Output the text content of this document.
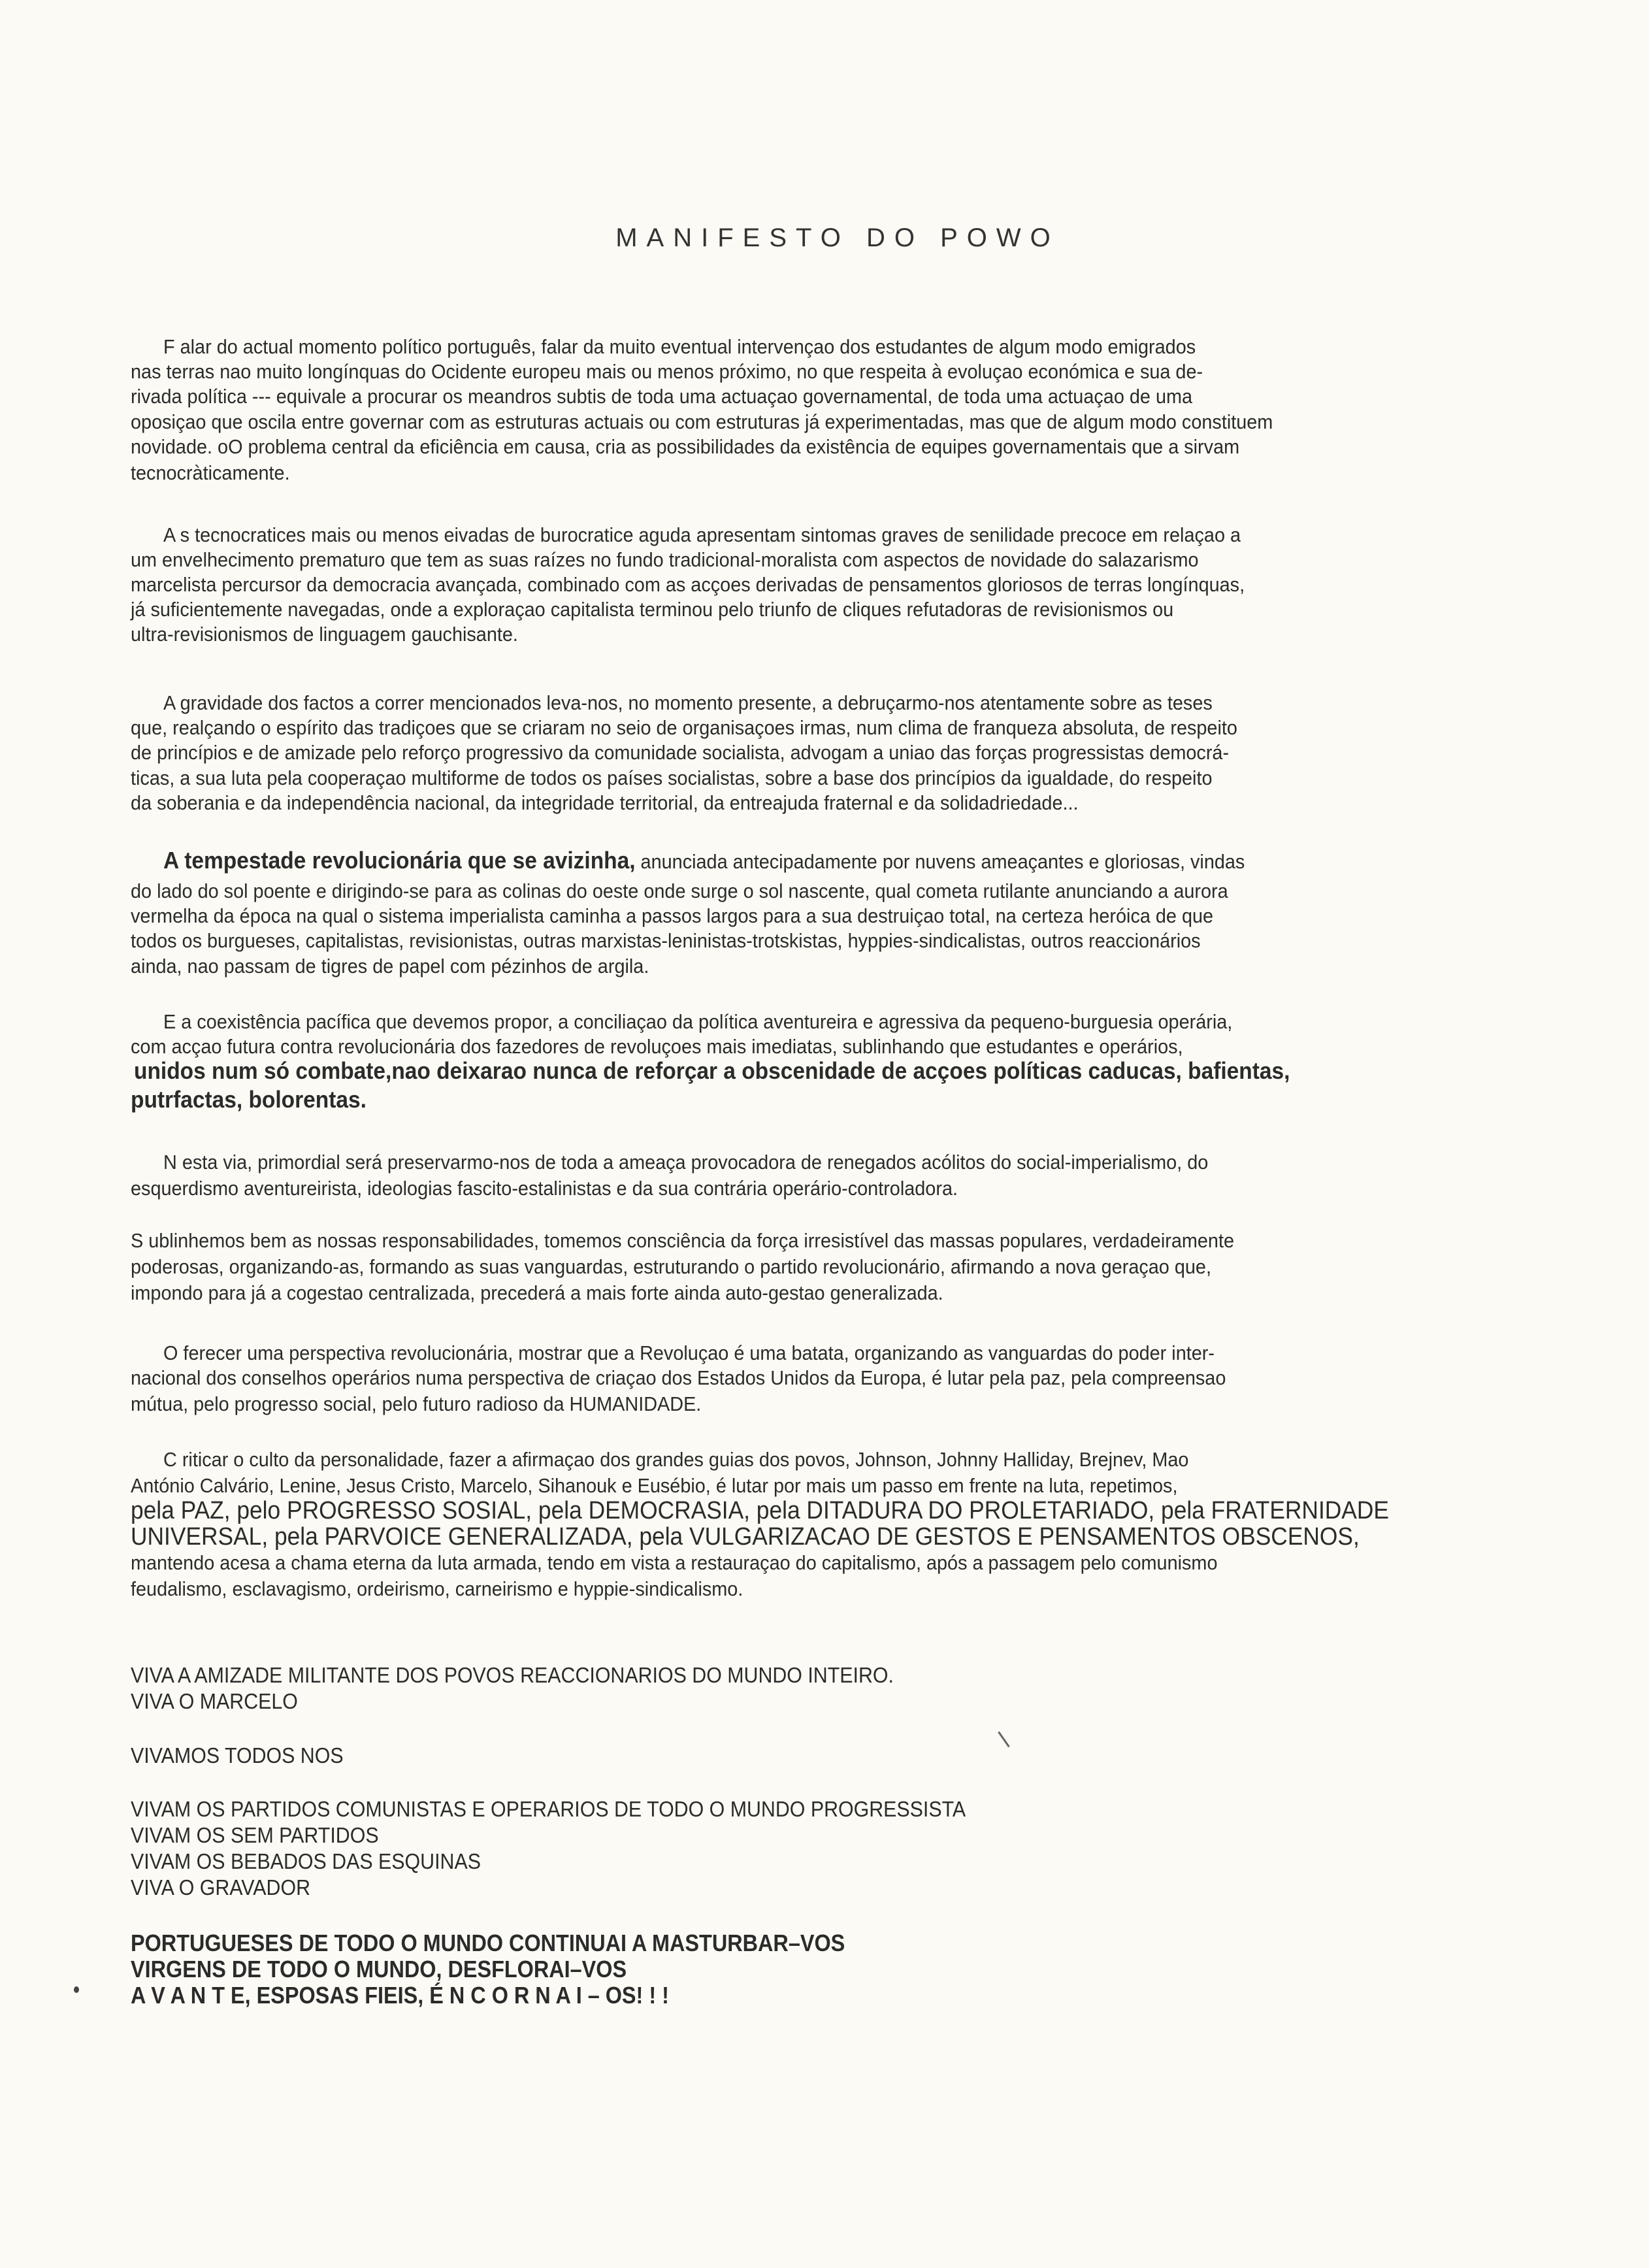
MANIFESTO DO POWO
F alar do actual momento político português, falar da muito eventual intervençao dos estudantes de algum modo emigrados
nas terras nao muito longínquas do Ocidente europeu mais ou menos próximo, no que respeita à evoluçao económica e sua de-
rivada política --- equivale a procurar os meandros subtis de toda uma actuaçao governamental, de toda uma actuaçao de uma
oposiçao que oscila entre governar com as estruturas actuais ou com estruturas já experimentadas, mas que de algum modo constituem
novidade. oO problema central da eficiência em causa, cria as possibilidades da existência de equipes governamentais que a sirvam
tecnocràticamente.
A s tecnocratices mais ou menos eivadas de burocratice aguda apresentam sintomas graves de senilidade precoce em relaçao a
um envelhecimento prematuro que tem as suas raízes no fundo tradicional-moralista com aspectos de novidade do salazarismo
marcelista percursor da democracia avançada, combinado com as acçoes derivadas de pensamentos gloriosos de terras longínquas,
já suficientemente navegadas, onde a exploraçao capitalista terminou pelo triunfo de cliques refutadoras de revisionismos ou
ultra-revisionismos de linguagem gauchisante.
A gravidade dos factos a correr mencionados leva-nos, no momento presente, a debruçarmo-nos atentamente sobre as teses
que, realçando o espírito das tradiçoes que se criaram no seio de organisaçoes irmas, num clima de franqueza absoluta, de respeito
de princípios e de amizade pelo reforço progressivo da comunidade socialista, advogam a uniao das forças progressistas democrá-
ticas, a sua luta pela cooperaçao multiforme de todos os países socialistas, sobre a base dos princípios da igualdade, do respeito
da soberania e da independência nacional, da integridade territorial, da entreajuda fraternal e da solidadriedade...
A tempestade revolucionária que se avizinha, anunciada antecipadamente por nuvens ameaçantes e gloriosas, vindas
do lado do sol poente e dirigindo-se para as colinas do oeste onde surge o sol nascente, qual cometa rutilante anunciando a aurora
vermelha da época na qual o sistema imperialista caminha a passos largos para a sua destruiçao total, na certeza heróica de que
todos os burgueses, capitalistas, revisionistas, outras marxistas-leninistas-trotskistas, hyppies-sindicalistas, outros reaccionários
ainda, nao passam de tigres de papel com pézinhos de argila.
E a coexistência pacífica que devemos propor, a conciliaçao da política aventureira e agressiva da pequeno-burguesia operária,
com acçao futura contra revolucionária dos fazedores de revoluçoes mais imediatas, sublinhando que estudantes e operários,
unidos num só combate,nao deixarao nunca de reforçar a obscenidade de acçoes políticas caducas, bafientas,
putrfactas, bolorentas.
N esta via, primordial será preservarmo-nos de toda a ameaça provocadora de renegados acólitos do social-imperialismo, do
esquerdismo aventureirista, ideologias fascito-estalinistas e da sua contrária operário-controladora.
S ublinhemos bem as nossas responsabilidades, tomemos consciência da força irresistível das massas populares, verdadeiramente
poderosas, organizando-as, formando as suas vanguardas, estruturando o partido revolucionário, afirmando a nova geraçao que,
impondo para já a cogestao centralizada, precederá a mais forte ainda auto-gestao generalizada.
O ferecer uma perspectiva revolucionária, mostrar que a Revoluçao é uma batata, organizando as vanguardas do poder inter-
nacional dos conselhos operários numa perspectiva de criaçao dos Estados Unidos da Europa, é lutar pela paz, pela compreensao
mútua, pelo progresso social, pelo futuro radioso da HUMANIDADE.
C riticar o culto da personalidade, fazer a afirmaçao dos grandes guias dos povos, Johnson, Johnny Halliday, Brejnev, Mao
António Calvário, Lenine, Jesus Cristo, Marcelo, Sihanouk e Eusébio, é lutar por mais um passo em frente na luta, repetimos,
pela PAZ, pelo PROGRESSO SOSIAL, pela DEMOCRASIA, pela DITADURA DO PROLETARIADO, pela FRATERNIDADE
UNIVERSAL, pela PARVOICE GENERALIZADA, pela VULGARIZACAO DE GESTOS E PENSAMENTOS OBSCENOS,
mantendo acesa a chama eterna da luta armada, tendo em vista a restauraçao do capitalismo, após a passagem pelo comunismo
feudalismo, esclavagismo, ordeirismo, carneirismo e hyppie-sindicalismo.
VIVA A AMIZADE MILITANTE DOS POVOS REACCIONARIOS DO MUNDO INTEIRO.
VIVA O MARCELO
VIVAMOS TODOS NOS
VIVAM OS PARTIDOS COMUNISTAS E OPERARIOS DE TODO O MUNDO PROGRESSISTA
VIVAM OS SEM PARTIDOS
VIVAM OS BEBADOS DAS ESQUINAS
VIVA O GRAVADOR
PORTUGUESES DE TODO O MUNDO CONTINUAI A MASTURBAR–VOS
VIRGENS DE TODO O MUNDO, DESFLORAI–VOS
A V A N T E, ESPOSAS FIEIS, É N C O R N A I – OS! ! !
